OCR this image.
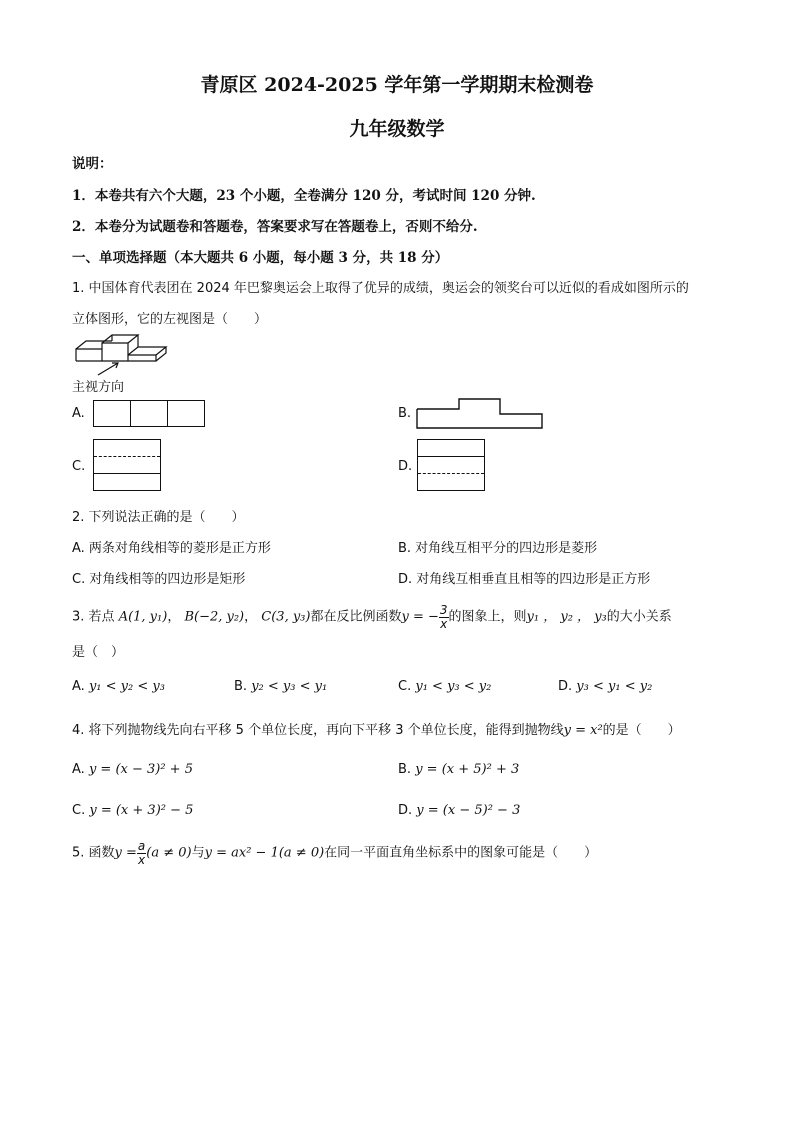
青原区 2024-2025 学年第一学期期末检测卷
九年级数学
说明：
1．本卷共有六个大题，23 个小题，全卷满分 120 分，考试时间 120 分钟.
2．本卷分为试题卷和答题卷，答案要求写在答题卷上，否则不给分.
一、单项选择题（本大题共 6 小题，每小题 3 分，共 18 分）
1. 中国体育代表团在 2024 年巴黎奥运会上取得了优异的成绩，奥运会的领奖台可以近似的看成如图所示的
立体图形，它的左视图是（　　）
主视方向
A.	B.
C.	D.
2. 下列说法正确的是（　　）
A. 两条对角线相等的菱形是正方形	B. 对角线互相平分的四边形是菱形
C. 对角线相等的四边形是矩形	D. 对角线互相垂直且相等的四边形是正方形
3. 若点 A(1, y₁)， B(−2, y₂)， C(3, y₃)都在反比例函数y = − $\frac{3}{x}$ 的图象上，则y₁ ， y₂ ， y₃的大小关系
是（　）
A. y₁ < y₂ < y₃	B. y₂ < y₃ < y₁	C. y₁ < y₃ < y₂	D. y₃ < y₁ < y₂
4. 将下列抛物线先向右平移 5 个单位长度，再向下平移 3 个单位长度，能得到抛物线y = x²的是（　　）
A. y = (x − 3)² + 5	B. y = (x + 5)² + 3
C. y = (x + 3)² − 5	D. y = (x − 5)² − 3
5. 函数$y = \frac{a}{x} (a \ne 0)$与y = ax² − 1(a ≠ 0)在同一平面直角坐标系中的图象可能是（　　）
